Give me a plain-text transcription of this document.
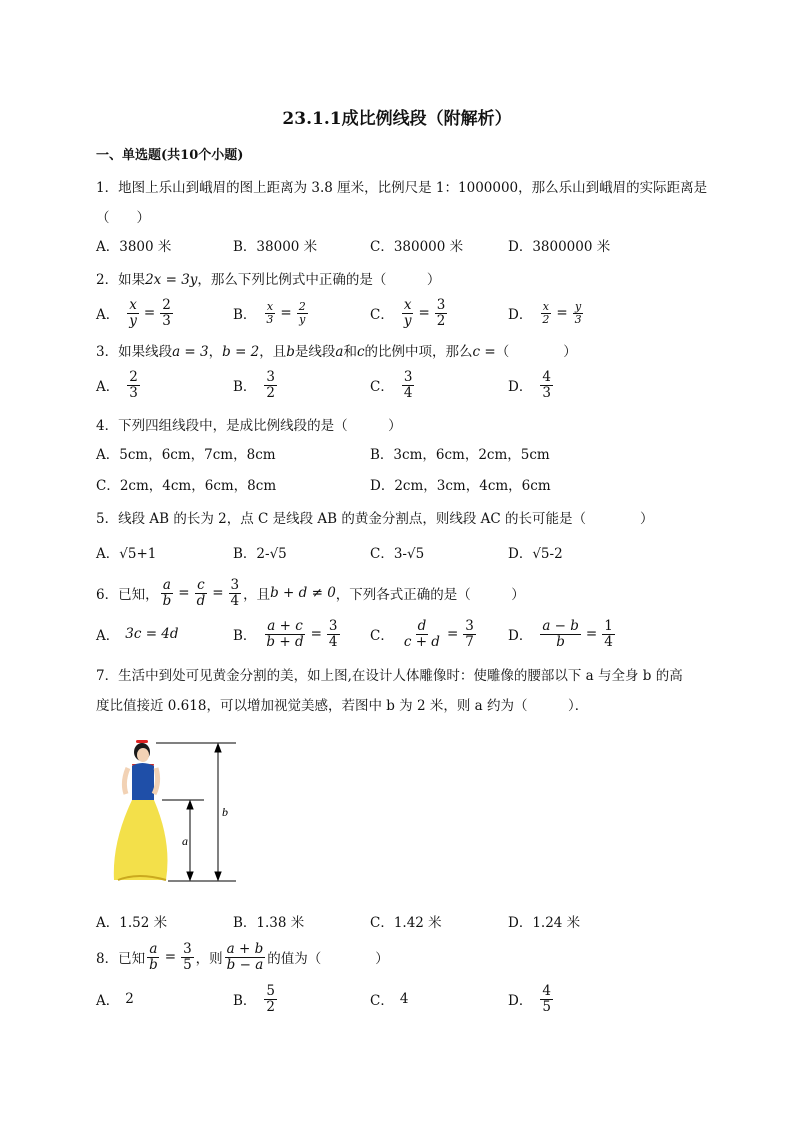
23.1.1成比例线段（附解析）
一、单选题(共10个小题)
1．地图上乐山到峨眉的图上距离为 3.8 厘米，比例尺是 1：1000000，那么乐山到峨眉的实际距离是
（　　）
A．3800 米	B．38000 米	C．380000 米	D．3800000 米
2．如果2x = 3y，那么下列比例式中正确的是（　　　）
A． $\frac{x}{y} = \frac{2}{3}$	B． $\frac{x}{3} = \frac{2}{y}$	C． $\frac{x}{y} = \frac{3}{2}$	D． $\frac{x}{2} = \frac{y}{3}$
3．如果线段a = 3，b = 2，且b是线段a和c的比例中项，那么c =（　　　　）
A． $\frac{2}{3}$	B． $\frac{3}{2}$	C． $\frac{3}{4}$	D． $\frac{4}{3}$
4．下列四组线段中，是成比例线段的是（　　　）
A．5cm，6cm，7cm，8cm	B．3cm，6cm，2cm，5cm
C．2cm，4cm，6cm，8cm	D．2cm，3cm，4cm，6cm
5．线段 AB 的长为 2，点 C 是线段 AB 的黄金分割点，则线段 AC 的长可能是（　　　　）
A．√5+1	B．2-√5	C．3-√5	D．√5-2
6．已知， $\frac{a}{b} = \frac{c}{d} = \frac{3}{4}$ ，且 b + d ≠ 0 ，下列各式正确的是（　　　）
A． 3c = 4d	B． $\frac{a + c}{b + d} = \frac{3}{4}$ C． $\frac{d}{c + d} = \frac{3}{7}$ D． $\frac{a - b}{b} = \frac{1}{4}$
7．生活中到处可见黄金分割的美，如上图,在设计人体雕像时：使雕像的腰部以下 a 与全身 b 的高
度比值接近 0.618，可以增加视觉美感，若图中 b 为 2 米，则 a 约为（　　　）．
b
a
A．1.52 米	B．1.38 米	C．1.42 米	D．1.24 米
8．已知 $\frac{a}{b} = \frac{3}{5}$ ，则 $\frac{a + b}{b - a}$ 的值为（　　　　）
A． 2	B． $\frac{5}{2}$	C． 4	D． $\frac{4}{5}$
